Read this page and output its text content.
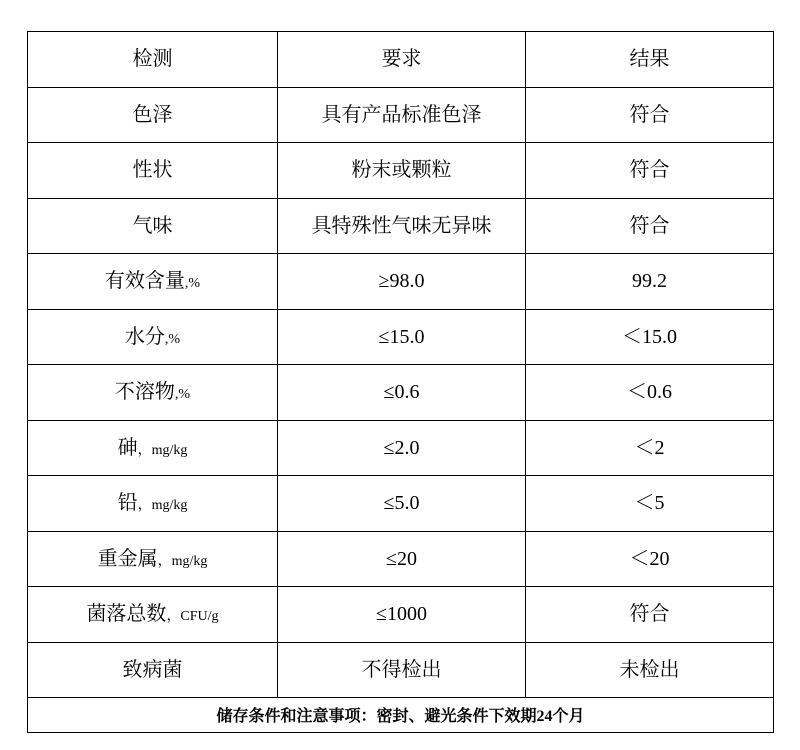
检测	要求	结果
色泽	具有产品标准色泽	符合
性状	粉末或颗粒	符合
气味	具特殊性气味无异味	符合
有效含量,%	≥98.0	99.2
水分,%	≤15.0	＜15.0
不溶物,%	≤0.6	＜0.6
砷，mg/kg	≤2.0	＜2
铅，mg/kg	≤5.0	＜5
重金属，mg/kg	≤20	＜20
菌落总数，CFU/g	≤1000	符合
致病菌	不得检出	未检出
储存条件和注意事项：密封、避光条件下效期24个月		
